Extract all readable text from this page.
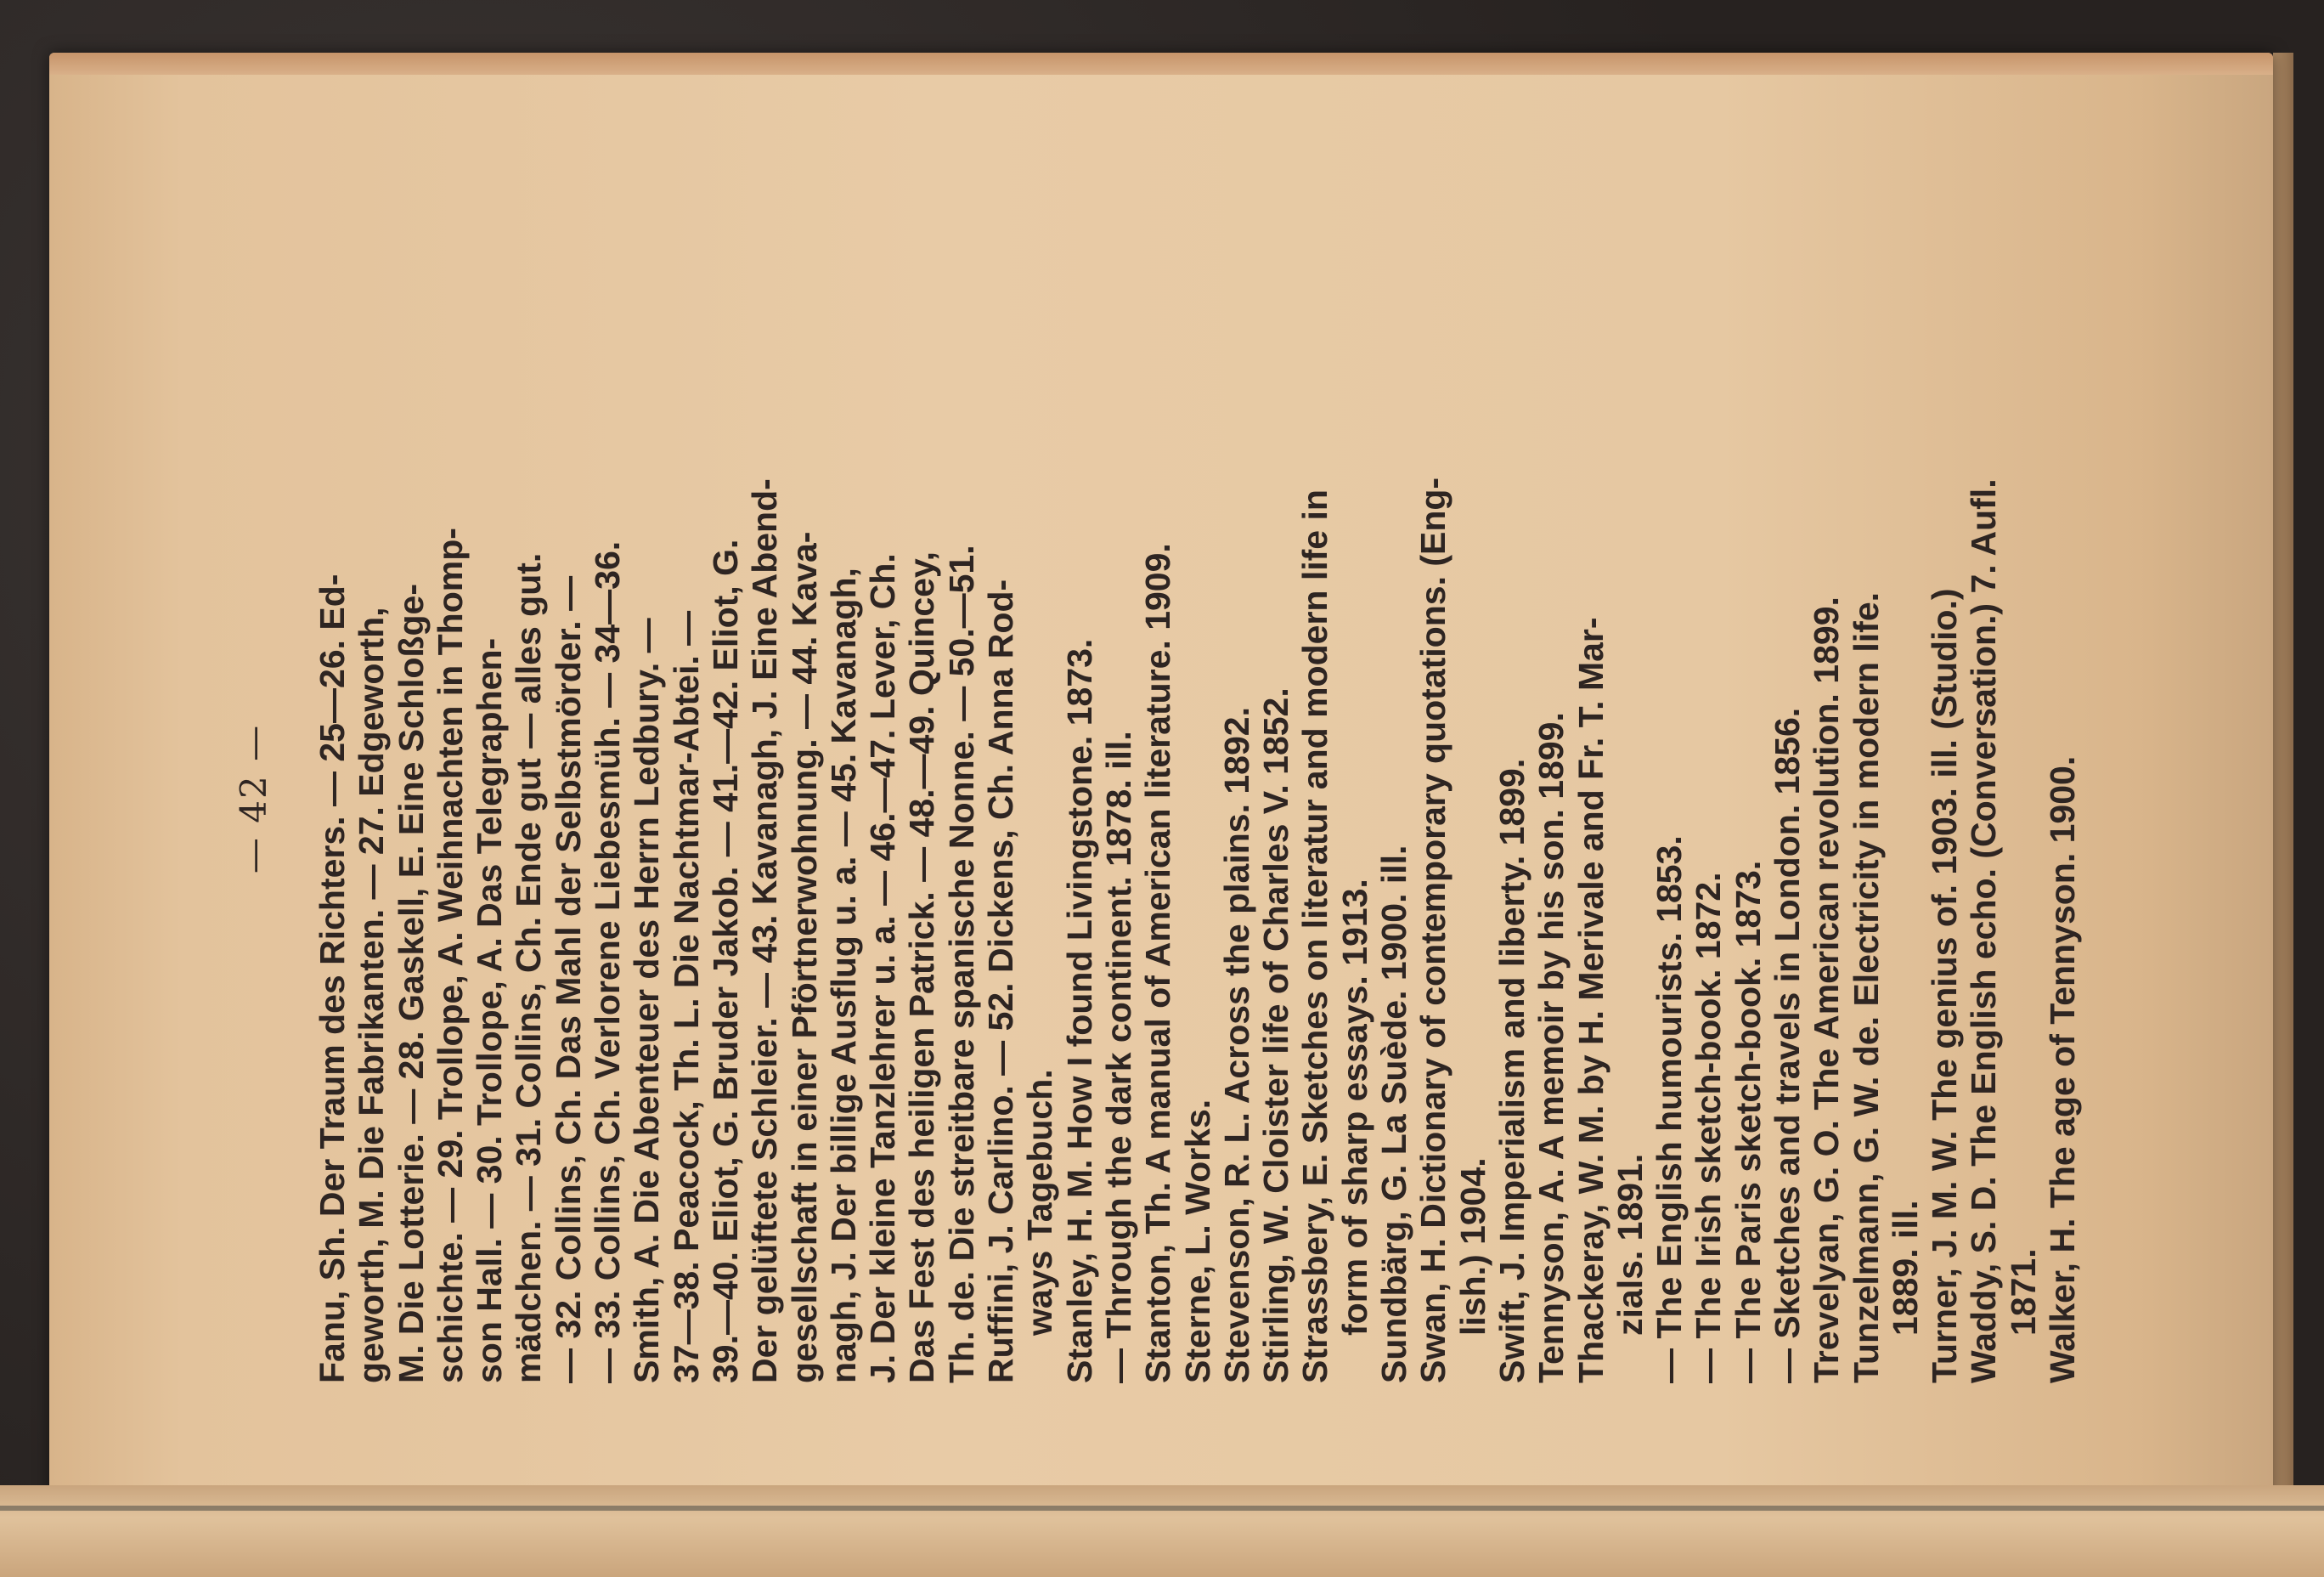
— 42 —	Fanu, Sh. Der Traum des Richters. — 25—26. Ed- geworth, M. Die Fabrikanten. — 27. Edgeworth, M. Die Lotterie. — 28. Gaskell, E. Eine Schloßge- schichte. — 29. Trollope, A. Weihnachten in Thomp- son Hall. — 30. Trollope, A. Das Telegraphen- mädchen. — 31. Collins, Ch. Ende gut — alles gut. — 32. Collins, Ch. Das Mahl der Selbstmörder. — — 33. Collins, Ch. Verlorene Liebesmüh. — 34—36. Smith, A. Die Abenteuer des Herrn Ledbury. — 37—38. Peacock, Th. L. Die Nachtmar-Abtei. — 39.—40. Eliot, G. Bruder Jakob. — 41.—42. Eliot, G. Der gelüftete Schleier. — 43. Kavanagh, J. Eine Abend- gesellschaft in einer Pförtnerwohnung. — 44. Kava- nagh, J. Der billige Ausflug u. a. — 45. Kavanagh, J. Der kleine Tanzlehrer u. a. — 46.—47. Lever, Ch. Das Fest des heiligen Patrick. — 48.—49. Quincey, Th. de. Die streitbare spanische Nonne. — 50.—51. Ruffini, J. Carlino. — 52. Dickens, Ch. Anna Rod- ways Tagebuch. Stanley, H. M. How I found Livingstone. 1873.

— Through the dark continent. 1878. ill. Stanton, Th. A manual of American literature. 1909.

Sterne, L. Works. Stevenson, R. L. Across the plains. 1892.

Stirling, W. Cloister life of Charles V. 1852.

Strassbery, E. Sketches on literatur and modern life in form of sharp essays. 1913. Sundbärg, G. La Suède. 1900. ill.

Swan, H. Dictionary of contemporary quotations. (Eng-

lish.) 1904. Swift, J. Imperialism and liberty. 1899.

Tennyson, A. A memoir by his son. 1899.

Thackeray, W. M. by H. Merivale and Fr. T. Mar-

zials. 1891.

— The English humourists. 1853.

— The Irish sketch-book. 1872.

— The Paris sketch-book. 1873.

— Sketches and travels in London. 1856. Trevelyan, G. O. The American revolution. 1899.

Tunzelmann, G. W. de. Electricity in modern life.

1889. ill. Turner, J. M. W. The genius of. 1903. ill. (Studio.)

Waddy, S. D. The English echo. (Conversation.) 7. Aufl.

1871. Walker, H. The age of Tennyson. 1900.
